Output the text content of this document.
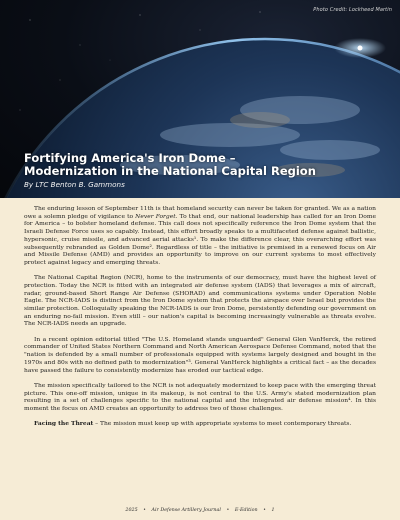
Photo Credit: Lockheed Martin
Fortifying America's Iron Dome –
Modernization in the National Capital Region
By LTC Benton B. Gammons

The enduring lesson of September 11th is that homeland security can never be taken for granted. We as a nation owe a solemn pledge of vigilance to Never Forget. To that end, our national leadership has called for an Iron Dome for America – to bolster homeland defense. This call does not specifically reference the Iron Dome system that the Israeli Defense Force uses so capably. Instead, this effort broadly speaks to a multifaceted defense against ballistic, hypersonic, cruise missile, and advanced aerial attacks¹. To make the difference clear, this overarching effort was subsequently rebranded as Golden Dome². Regardless of title – the initiative is premised in a renewed focus on Air and Missile Defense (AMD) and provides an opportunity to improve on our current systems to most effectively protect against legacy and emerging threats.

The National Capital Region (NCR), home to the instruments of our democracy, must have the highest level of protection. Today the NCR is fitted with an integrated air defense system (IADS) that leverages a mix of aircraft, radar, ground-based Short Range Air Defense (SHORAD) and communications systems under Operation Noble Eagle. The NCR-IADS is distinct from the Iron Dome system that protects the airspace over Israel but provides the similar protection. Colloquially speaking the NCR-IADS is our Iron Dome, persistently defending our government on an enduring no-fail mission. Even still – our nation's capital is becoming increasingly vulnerable as threats evolve. The NCR-IADS needs an upgrade.

In a recent opinion editorial titled "The U.S. Homeland stands unguarded" General Glen VanHerck, the retired commander of United States Northern Command and North American Aerospace Defense Command, noted that the "nation is defended by a small number of professionals equipped with systems largely designed and bought in the 1970s and 80s with no defined path to modernization"³. General VanHerck highlights a critical fact – as the decades have passed the failure to consistently modernize has eroded our tactical edge.

The mission specifically tailored to the NCR is not adequately modernized to keep pace with the emerging threat picture. This one-off mission, unique in its makeup, is not central to the U.S. Army's stated modernization plan resulting in a set of challenges specific to the national capital and the integrated air defense mission⁴. In this moment the focus on AMD creates an opportunity to address two of those challenges.

Facing the Threat – The mission must keep up with appropriate systems to meet contemporary threats.

2025 • Air Defense Artillery Journal • E-Edition • 1
